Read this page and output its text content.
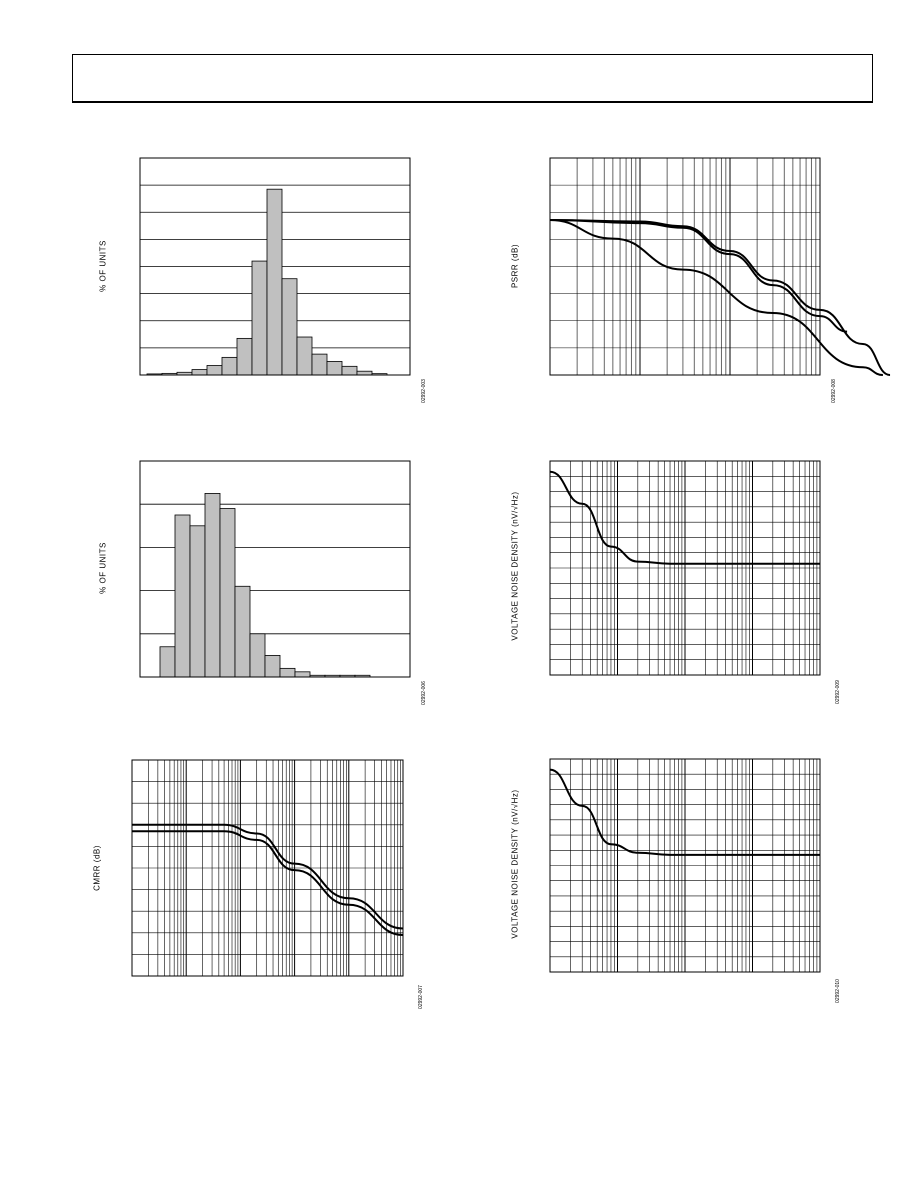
% OF UNITS
02992-003
PSRR (dB)
02992-008
% OF UNITS
02992-006
VOLTAGE NOISE DENSITY (nV/√Hz)
02992-009
CMRR (dB)
02992-007
VOLTAGE NOISE DENSITY (nV/√Hz)
02992-010
